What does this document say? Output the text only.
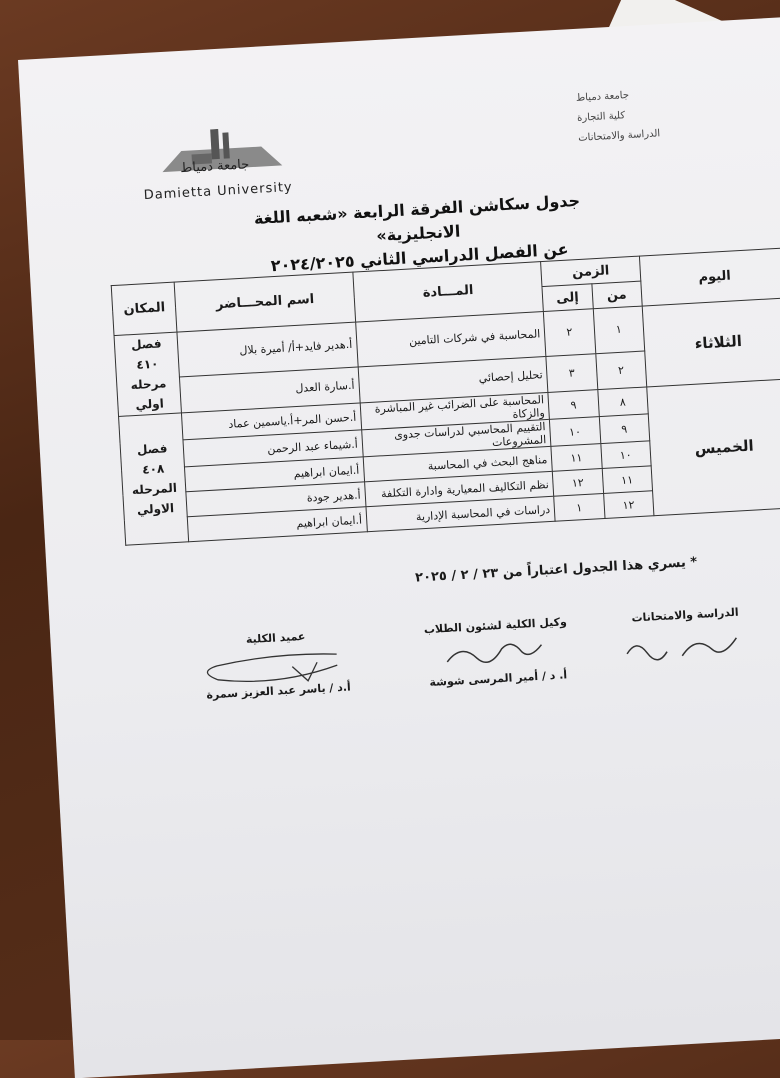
جامعة دمياط
Damietta University
جامعة دمياط
كلية التجارة
الدراسة والامتحانات
جدول سكاشن الفرقة الرابعة «شعبه اللغة الانجليزية»
عن الفصل الدراسي الثاني ٢٠٢٤/٢٠٢٥
اليوم	الزمن		المـــادة	اسم المحـــاضر	المكان
	من	إلى			
الثلاثاء	١	٢	المحاسبة في شركات التامين	أ.هدير فايد+أ/ أميرة بلال	فصل ٤١٠ مرحله اولي
	٢	٣	تحليل إحصائي	أ.سارة العدل	
الخميس	٨	٩	المحاسبة على الضرائب غير المباشرة والزكاة	أ.حسن المر+أ.ياسمين عماد	فصل ٤٠٨ المرحله الاولي
	٩	١٠	التقييم المحاسبي لدراسات جدوى المشروعات	أ.شيماء عبد الرحمن	
	١٠	١١	مناهج البحث في المحاسبة	أ.ايمان ابراهيم	
	١١	١٢	نظم التكاليف المعيارية وادارة التكلفة	أ.هدير جودة	
	١٢	١	دراسات في المحاسبة الإدارية	أ.ايمان ابراهيم	
* يسري هذا الجدول اعتباراً من ٢٣ / ٢ / ٢٠٢٥
الدراسة والامتحانات
وكيل الكلية لشئون الطلاب
أ. د / أمير المرسى شوشة
عميد الكلية
أ.د / ياسر عبد العزيز سمرة
